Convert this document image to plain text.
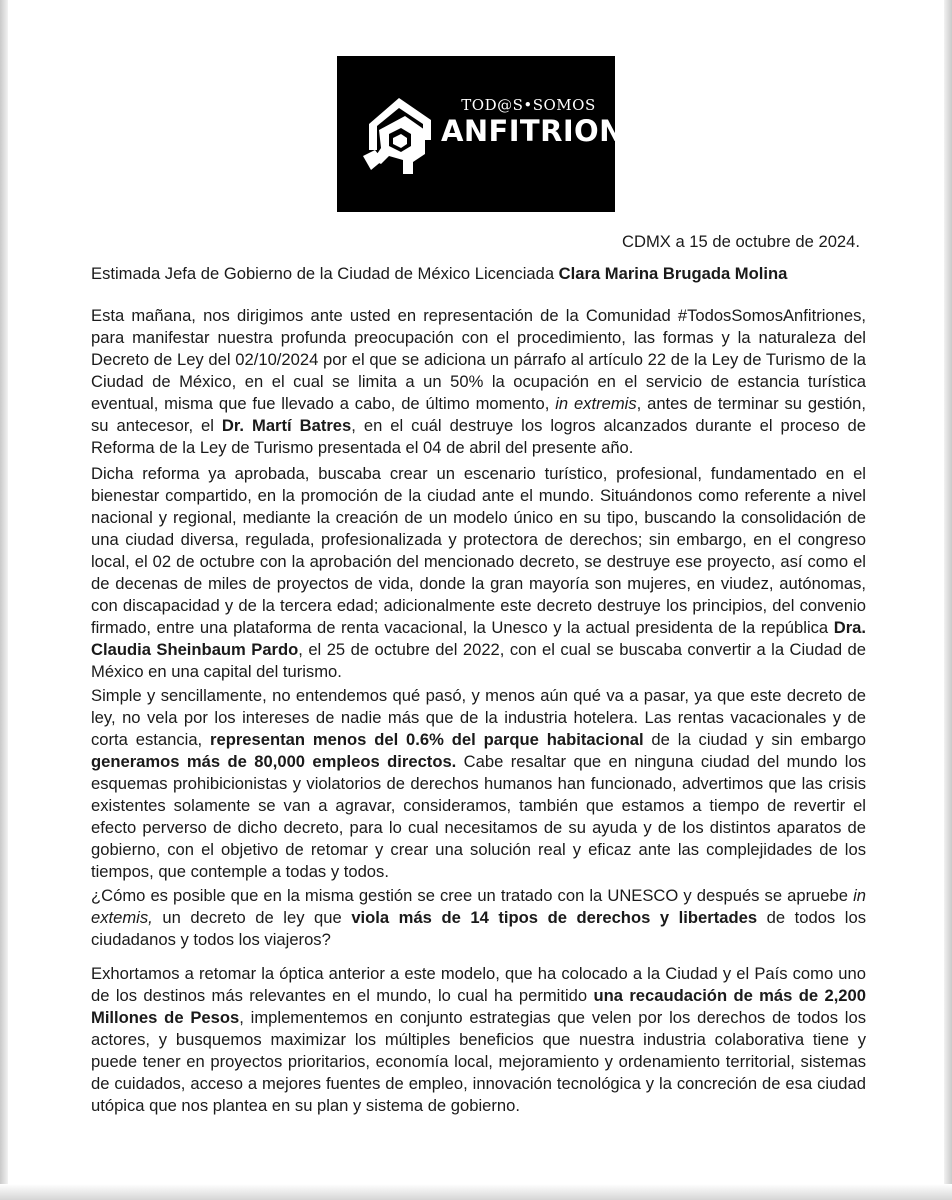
TOD@S•SOMOS
ANFITRIONES
CDMX a 15 de octubre de 2024.
Estimada Jefa de Gobierno de la Ciudad de México Licenciada Clara Marina Brugada Molina

Esta mañana, nos dirigimos ante usted en representación de la Comunidad #TodosSomosAnfitriones, para manifestar nuestra profunda preocupación con el procedimiento, las formas y la naturaleza del Decreto de Ley del 02/10/2024 por el que se adiciona un párrafo al artículo 22 de la Ley de Turismo de la Ciudad de México, en el cual se limita a un 50% la ocupación en el servicio de estancia turística eventual, misma que fue llevado a cabo, de último momento, in extremis, antes de terminar su gestión, su antecesor, el Dr. Martí Batres, en el cuál destruye los logros alcanzados durante el proceso de Reforma de la Ley de Turismo presentada el 04 de abril del presente año.

Dicha reforma ya aprobada, buscaba crear un escenario turístico, profesional, fundamentado en el bienestar compartido, en la promoción de la ciudad ante el mundo. Situándonos como referente a nivel nacional y regional, mediante la creación de un modelo único en su tipo, buscando la consolidación de una ciudad diversa, regulada, profesionalizada y protectora de derechos; sin embargo, en el congreso local, el 02 de octubre con la aprobación del mencionado decreto, se destruye ese proyecto, así como el de decenas de miles de proyectos de vida, donde la gran mayoría son mujeres, en viudez, autónomas, con discapacidad y de la tercera edad; adicionalmente este decreto destruye los principios, del convenio firmado, entre una plataforma de renta vacacional, la Unesco y la actual presidenta de la república Dra. Claudia Sheinbaum Pardo, el 25 de octubre del 2022, con el cual se buscaba convertir a la Ciudad de México en una capital del turismo.

Simple y sencillamente, no entendemos qué pasó, y menos aún qué va a pasar, ya que este decreto de ley, no vela por los intereses de nadie más que de la industria hotelera. Las rentas vacacionales y de corta estancia, representan menos del 0.6% del parque habitacional de la ciudad y sin embargo generamos más de 80,000 empleos directos. Cabe resaltar que en ninguna ciudad del mundo los esquemas prohibicionistas y violatorios de derechos humanos han funcionado, advertimos que las crisis existentes solamente se van a agravar, consideramos, también que estamos a tiempo de revertir el efecto perverso de dicho decreto, para lo cual necesitamos de su ayuda y de los distintos aparatos de gobierno, con el objetivo de retomar y crear una solución real y eficaz ante las complejidades de los tiempos, que contemple a todas y todos.

¿Cómo es posible que en la misma gestión se cree un tratado con la UNESCO y después se apruebe in extemis, un decreto de ley que viola más de 14 tipos de derechos y libertades de todos los ciudadanos y todos los viajeros?

Exhortamos a retomar la óptica anterior a este modelo, que ha colocado a la Ciudad y el País como uno de los destinos más relevantes en el mundo, lo cual ha permitido una recaudación de más de 2,200 Millones de Pesos, implementemos en conjunto estrategias que velen por los derechos de todos los actores, y busquemos maximizar los múltiples beneficios que nuestra industria colaborativa tiene y puede tener en proyectos prioritarios, economía local, mejoramiento y ordenamiento territorial, sistemas de cuidados, acceso a mejores fuentes de empleo, innovación tecnológica y la concreción de esa ciudad utópica que nos plantea en su plan y sistema de gobierno.
